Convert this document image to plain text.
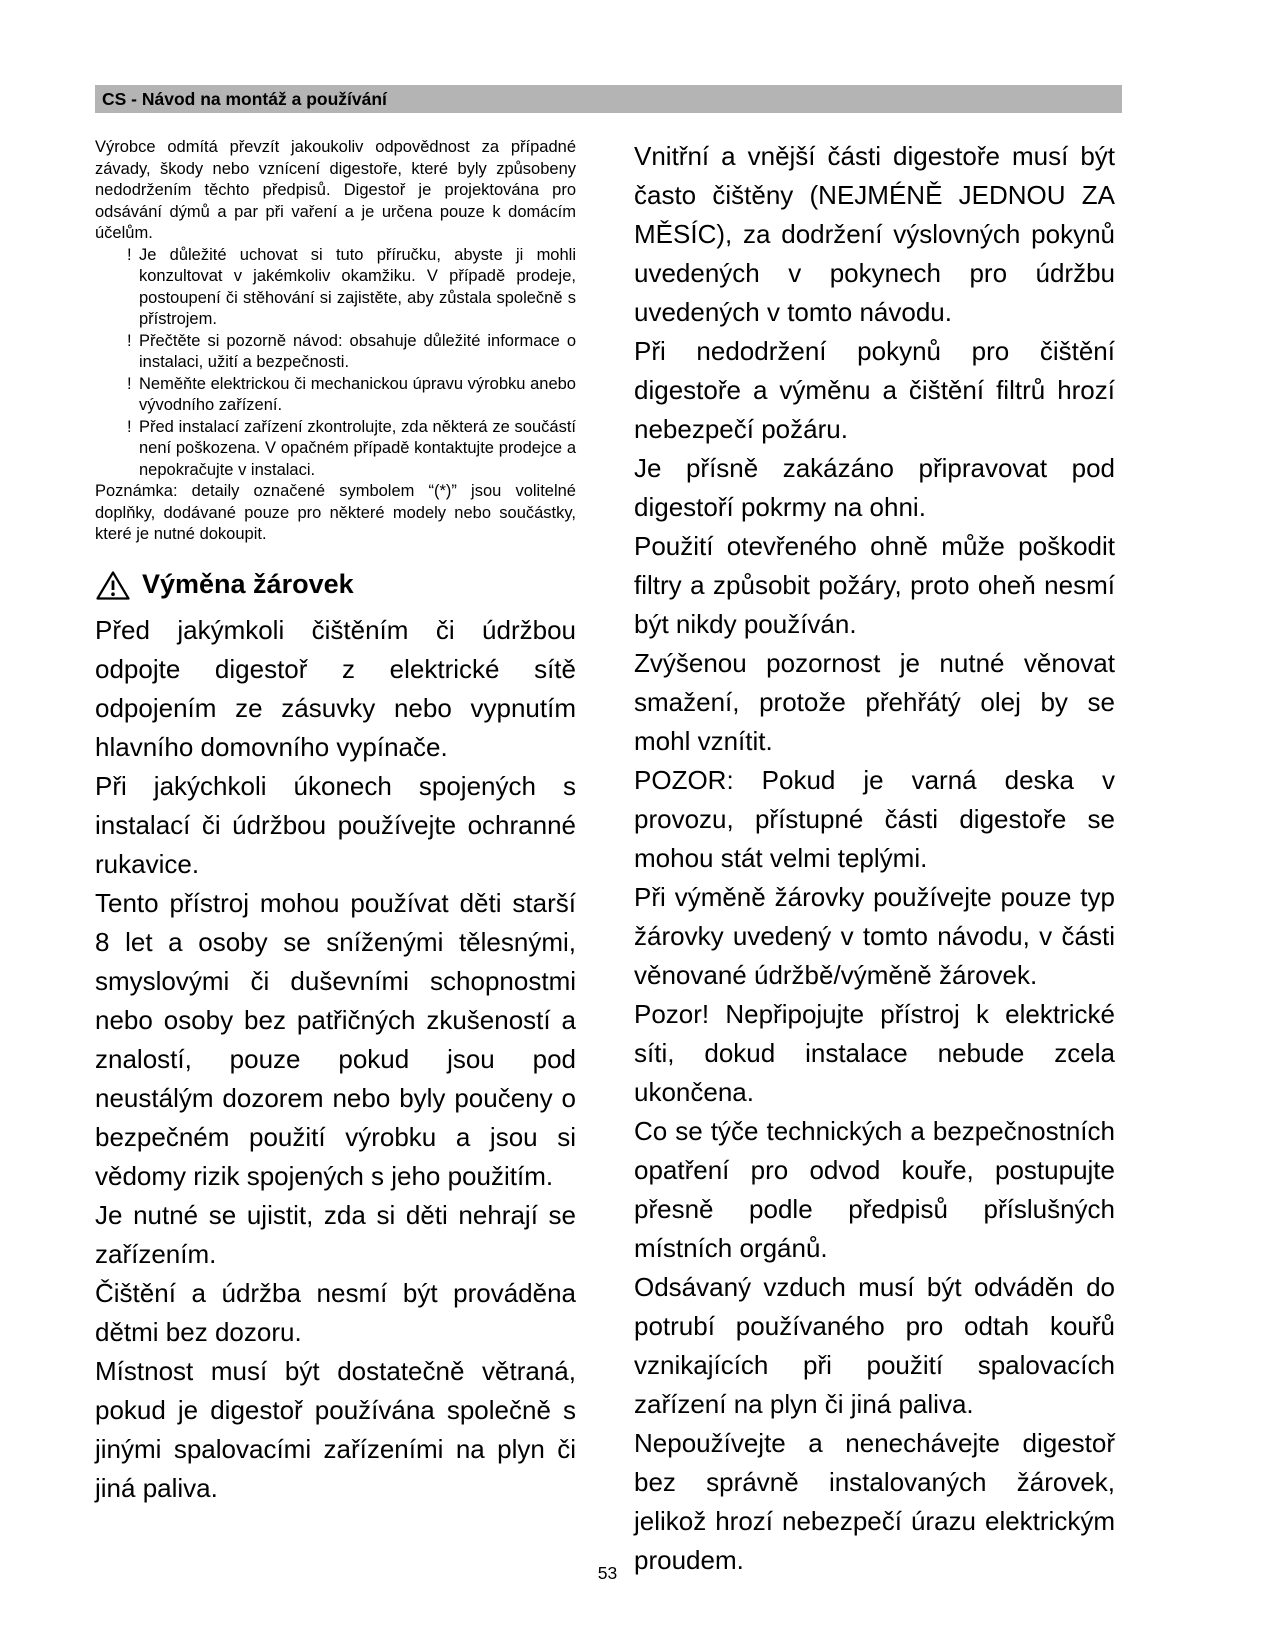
CS - Návod na montáž a používání

Výrobce odmítá převzít jakoukoliv odpovědnost za případné závady, škody nebo vznícení digestoře, které byly způsobeny nedodržením těchto předpisů. Digestoř je projektována pro odsávání dýmů a par při vaření a je určena pouze k domácím účelům.

! Je důležité uchovat si tuto příručku, abyste ji mohli konzultovat v jakémkoliv okamžiku. V případě prodeje, postoupení či stěhování si zajistěte, aby zůstala společně s přístrojem.
! Přečtěte si pozorně návod: obsahuje důležité informace o instalaci, užití a bezpečnosti.
! Neměňte elektrickou či mechanickou úpravu výrobku anebo vývodního zařízení.
! Před instalací zařízení zkontrolujte, zda některá ze součástí není poškozena. V opačném případě kontaktujte prodejce a nepokračujte v instalaci.

Poznámka: detaily označené symbolem “(*)” jsou volitelné doplňky, dodávané pouze pro některé modely nebo součástky, které je nutné dokoupit.

Výměna žárovek

Před jakýmkoli čištěním či údržbou odpojte digestoř z elektrické sítě odpojením ze zásuvky nebo vypnutím hlavního domovního vypínače.

Při jakýchkoli úkonech spojených s instalací či údržbou používejte ochranné rukavice.

Tento přístroj mohou používat děti starší 8 let a osoby se sníženými tělesnými, smyslovými či duševními schopnostmi nebo osoby bez patřičných zkušeností a znalostí, pouze pokud jsou pod neustálým dozorem nebo byly poučeny o bezpečném použití výrobku a jsou si vědomy rizik spojených s jeho použitím.

Je nutné se ujistit, zda si děti nehrají se zařízením.

Čištění a údržba nesmí být prováděna dětmi bez dozoru.

Místnost musí být dostatečně větraná, pokud je digestoř používána společně s jinými spalovacími zařízeními na plyn či jiná paliva.

Vnitřní a vnější části digestoře musí být často čištěny (NEJMÉNĚ JEDNOU ZA MĚSÍC), za dodržení výslovných pokynů uvedených v pokynech pro údržbu uvedených v tomto návodu.

Při nedodržení pokynů pro čištění digestoře a výměnu a čištění filtrů hrozí nebezpečí požáru.

Je přísně zakázáno připravovat pod digestoří pokrmy na ohni.

Použití otevřeného ohně může poškodit filtry a způsobit požáry, proto oheň nesmí být nikdy používán.

Zvýšenou pozornost je nutné věnovat smažení, protože přehřátý olej by se mohl vznítit.

POZOR: Pokud je varná deska v provozu, přístupné části digestoře se mohou stát velmi teplými.

Při výměně žárovky používejte pouze typ žárovky uvedený v tomto návodu, v části věnované údržbě/výměně žárovek.

Pozor! Nepřipojujte přístroj k elektrické síti, dokud instalace nebude zcela ukončena.

Co se týče technických a bezpečnostních opatření pro odvod kouře, postupujte přesně podle předpisů příslušných místních orgánů.

Odsávaný vzduch musí být odváděn do potrubí používaného pro odtah kouřů vznikajících při použití spalovacích zařízení na plyn či jiná paliva.

Nepoužívejte a nenechávejte digestoř bez správně instalovaných žárovek, jelikož hrozí nebezpečí úrazu elektrickým proudem.

53
